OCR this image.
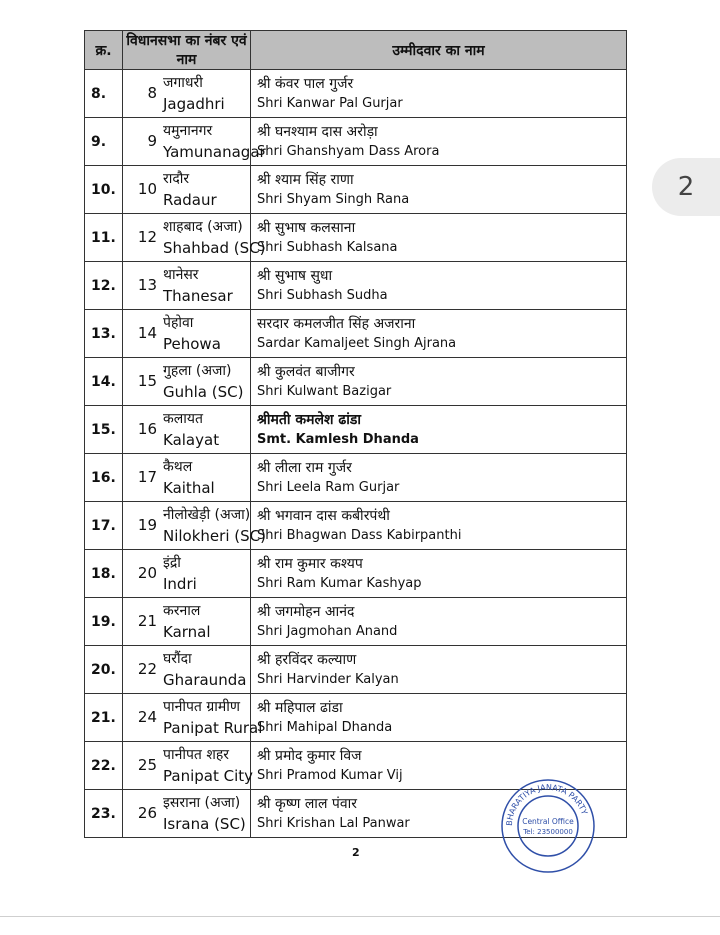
क्र.	विधानसभा का नंबर एवं नाम	उम्मीदवार का नाम
8.	8
जगाधरी
Jagadhri	श्री कंवर पाल गुर्जर
Shri Kanwar Pal Gurjar

9.	9
यमुनानगर
Yamunanagar	श्री घनश्याम दास अरोड़ा
Shri Ghanshyam Dass Arora

10.	10
रादौर
Radaur	श्री श्याम सिंह राणा
Shri Shyam Singh Rana

11.	12
शाहबाद (अजा)
Shahbad (SC)	श्री सुभाष कलसाना
Shri Subhash Kalsana

12.	13
थानेसर
Thanesar	श्री सुभाष सुधा
Shri Subhash Sudha

13.	14
पेहोवा
Pehowa	सरदार कमलजीत सिंह अजराना
Sardar Kamaljeet Singh Ajrana

14.	15
गुहला (अजा)
Guhla (SC)	श्री कुलवंत बाजीगर
Shri Kulwant Bazigar

15.	16
कलायत
Kalayat	श्रीमती कमलेश ढांडा
Smt. Kamlesh Dhanda

16.	17
कैथल
Kaithal	श्री लीला राम गुर्जर
Shri Leela Ram Gurjar

17.	19
नीलोखेड़ी (अजा)
Nilokheri (SC)	श्री भगवान दास कबीरपंथी
Shri Bhagwan Dass Kabirpanthi

18.	20
इंद्री
Indri	श्री राम कुमार कश्यप
Shri Ram Kumar Kashyap

19.	21
करनाल
Karnal	श्री जगमोहन आनंद
Shri Jagmohan Anand

20.	22
घरौंदा
Gharaunda	श्री हरविंदर कल्याण
Shri Harvinder Kalyan

21.	24
पानीपत ग्रामीण
Panipat Rural	श्री महिपाल ढांडा
Shri Mahipal Dhanda

22.	25
पानीपत शहर
Panipat City	श्री प्रमोद कुमार विज
Shri Pramod Kumar Vij

23.	26
इसराना (अजा)
Israna (SC)	श्री कृष्ण लाल पंवार
Shri Krishan Lal Panwar	BHARATIYA JANATA PARTY
Central Office
Tel: 23500000
2
2
